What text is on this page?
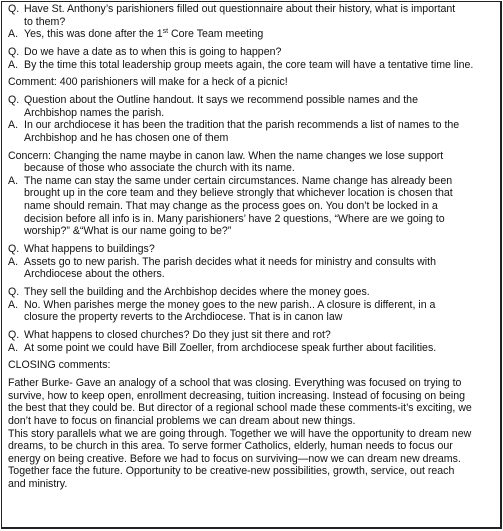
Q. Have St. Anthony’s parishioners filled out questionnaire about their history, what is important
to them?
A. Yes, this was done after the 1st Core Team meeting
Q. Do we have a date as to when this is going to happen?
A. By the time this total leadership group meets again, the core team will have a tentative time line.
Comment: 400 parishioners will make for a heck of a picnic!
Q. Question about the Outline handout. It says we recommend possible names and the
Archbishop names the parish.
A. In our archdiocese it has been the tradition that the parish recommends a list of names to the
Archbishop and he has chosen one of them
Concern: Changing the name maybe in canon law. When the name changes we lose support
because of those who associate the church with its name.
A. The name can stay the same under certain circumstances. Name change has already been
brought up in the core team and they believe strongly that whichever location is chosen that
name should remain. That may change as the process goes on. You don’t be locked in a
decision before all info is in. Many parishioners’ have 2 questions, “Where are we going to
worship?” &“What is our name going to be?”
Q. What happens to buildings?
A. Assets go to new parish. The parish decides what it needs for ministry and consults with
Archdiocese about the others.
Q. They sell the building and the Archbishop decides where the money goes.
A. No. When parishes merge the money goes to the new parish.. A closure is different, in a
closure the property reverts to the Archdiocese. That is in canon law
Q. What happens to closed churches? Do they just sit there and rot?
A. At some point we could have Bill Zoeller, from archdiocese speak further about facilities.
CLOSING comments:
Father Burke- Gave an analogy of a school that was closing. Everything was focused on trying to
survive, how to keep open, enrollment decreasing, tuition increasing. Instead of focusing on being
the best that they could be. But director of a regional school made these comments-it’s exciting, we
don’t have to focus on financial problems we can dream about new things.
This story parallels what we are going through. Together we will have the opportunity to dream new
dreams, to be church in this area. To serve former Catholics, elderly, human needs to focus our
energy on being creative. Before we had to focus on surviving—now we can dream new dreams.
Together face the future. Opportunity to be creative-new possibilities, growth, service, out reach
and ministry.
